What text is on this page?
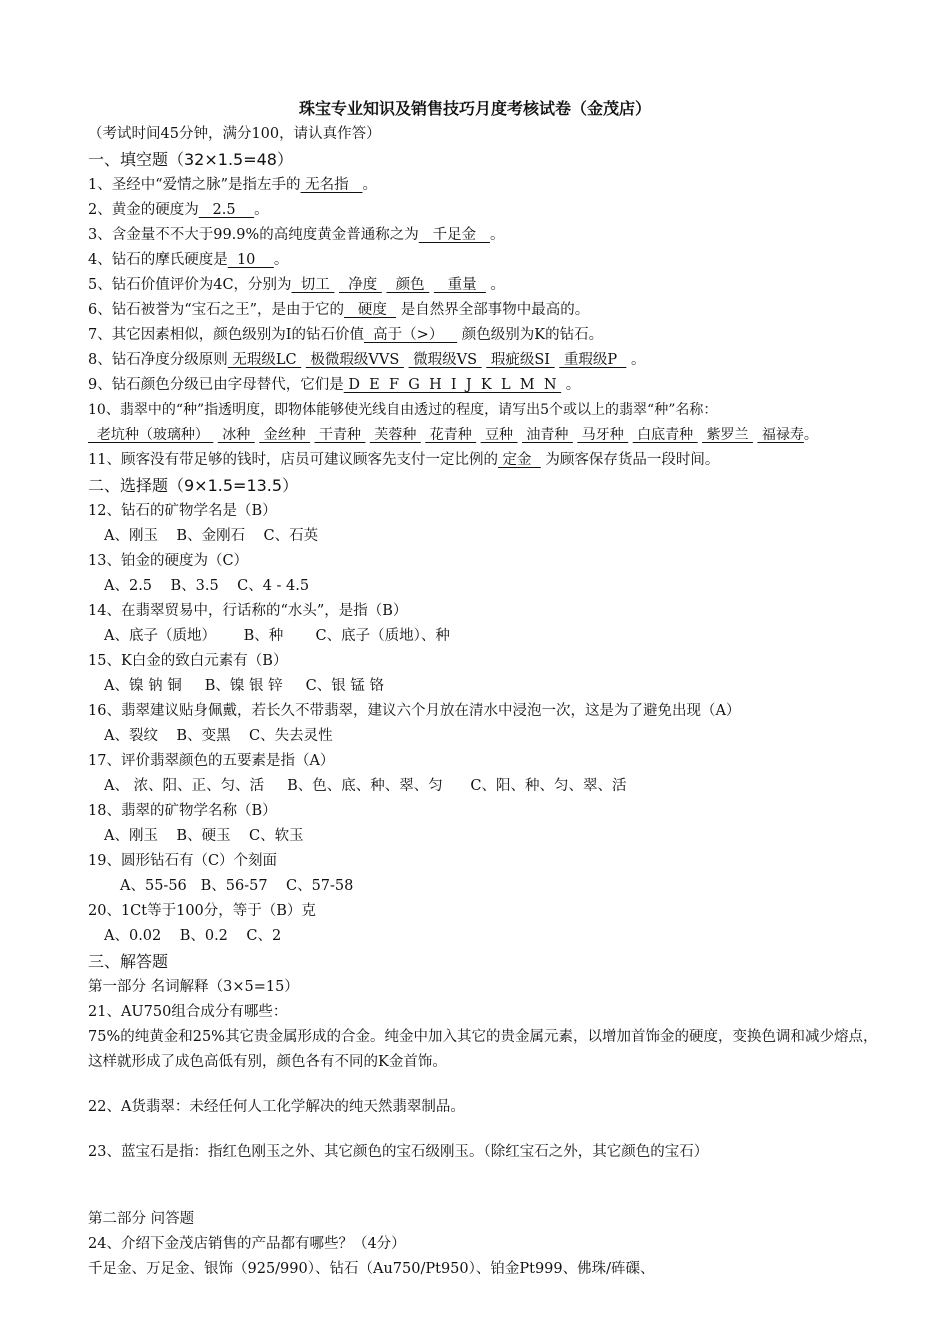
珠宝专业知识及销售技巧月度考核试卷（金茂店）
（考试时间45分钟，满分100，请认真作答）
一、填空题（32×1.5=48）
1、圣经中“爱情之脉”是指左手的 无名指   。
2、黄金的硬度为   2.5    。
3、含金量不不大于99.9%的高纯度黄金普通称之为   千足金   。
4、钻石的摩氏硬度是  10    。
5、钻石价值评价为4C，分别为  切工    净度    颜色     重量   。
6、钻石被誉为“宝石之王”，是由于它的   硬度   是自然界全部事物中最高的。
7、其它因素相似，颜色级别为I的钻石价值  高于（>）    颜色级别为K的钻石。
8、钻石净度分级原则 无瑕级LC   极微瑕级VVS   微瑕级VS   瑕疵级SI   重瑕级P   。
9、钻石颜色分级已由字母替代，它们是 D  E  F  G  H  I  J  K  L  M  N  。
10、翡翠中的“种”指透明度，即物体能够使光线自由透过的程度，请写出5个或以上的翡翠“种”名称：
老坑种（玻璃种）   冰种   金丝种   干青种   芙蓉种   花青种   豆种   油青种   马牙种   白底青种   紫罗兰   福禄寿。
11、顾客没有带足够的钱时，店员可建议顾客先支付一定比例的 定金   为顾客保存货品一段时间。
二、选择题（9×1.5=13.5）
12、钻石的矿物学名是（B）
A、刚玉    B、金刚石    C、石英
13、铂金的硬度为（C）
A、2.5    B、3.5    C、4 - 4.5
14、在翡翠贸易中，行话称的“水头”，是指（B）
A、底子（质地）      B、种       C、底子（质地）、种
15、K白金的致白元素有（B）
A、镍 钠 铜     B、镍 银 锌     C、银 锰 铬
16、翡翠建议贴身佩戴，若长久不带翡翠，建议六个月放在清水中浸泡一次，这是为了避免出现（A）
A、裂纹    B、变黑    C、失去灵性
17、评价翡翠颜色的五要素是指（A）
A、 浓、阳、正、匀、活     B、色、底、种、翠、匀      C、阳、种、匀、翠、活
18、翡翠的矿物学名称（B）
A、刚玉    B、硬玉    C、软玉
19、圆形钻石有（C）个刻面
A、55-56   B、56-57    C、57-58
20、1Ct等于100分，等于（B）克
A、0.02    B、0.2    C、2
三、解答题
第一部分 名词解释（3×5=15）
21、AU750组合成分有哪些：
75%的纯黄金和25%其它贵金属形成的合金。纯金中加入其它的贵金属元素，以增加首饰金的硬度，变换色调和减少熔点，这样就形成了成色高低有别，颜色各有不同的K金首饰。
22、A货翡翠：未经任何人工化学解决的纯天然翡翠制品。
23、蓝宝石是指：指红色刚玉之外、其它颜色的宝石级刚玉。（除红宝石之外，其它颜色的宝石）
第二部分 问答题
24、介绍下金茂店销售的产品都有哪些？（4分）
千足金、万足金、银饰（925/990）、钻石（Au750/Pt950）、铂金Pt999、佛珠/砗磲、
